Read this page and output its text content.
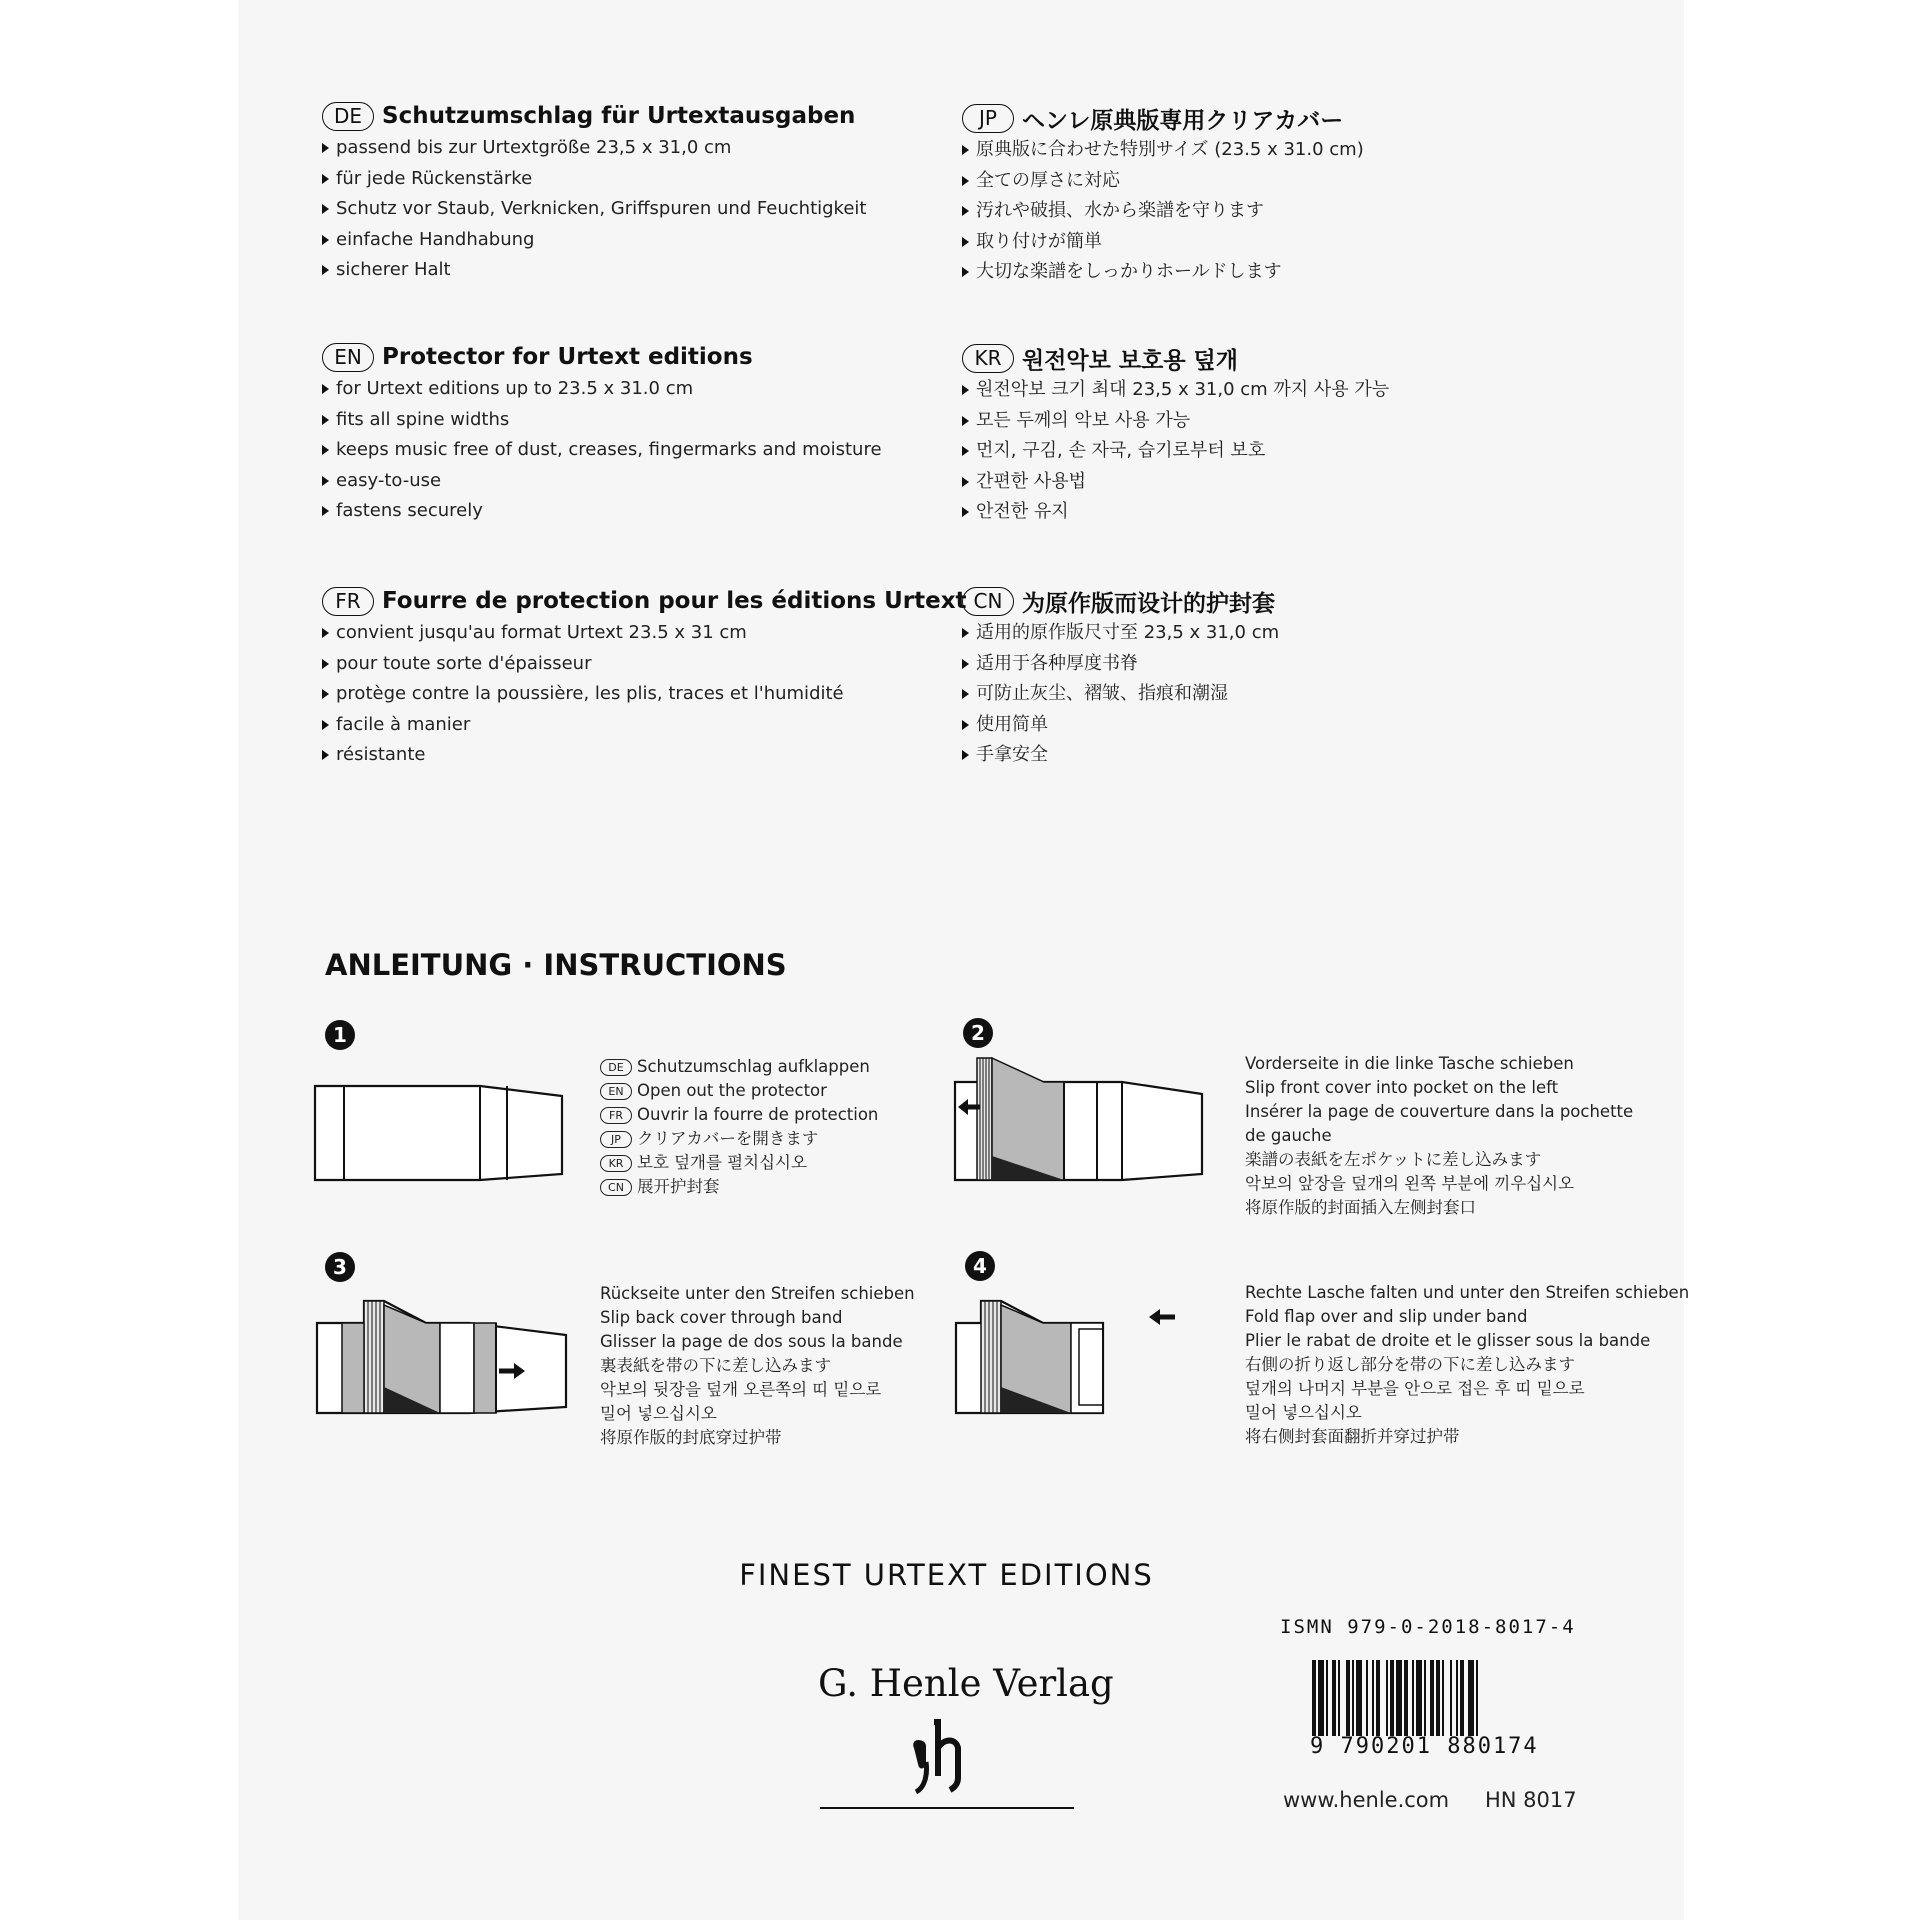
DE Schutzumschlag für Urtextausgaben
passend bis zur Urtextgröße 23,5 x 31,0 cm
für jede Rückenstärke
Schutz vor Staub, Verknicken, Griffspuren und Feuchtigkeit
einfache Handhabung
sicherer Halt
EN Protector for Urtext editions
for Urtext editions up to 23.5 x 31.0 cm
fits all spine widths
keeps music free of dust, creases, fingermarks and moisture
easy-to-use
fastens securely
FR Fourre de protection pour les éditions Urtext
convient jusqu'au format Urtext 23.5 x 31 cm
pour toute sorte d'épaisseur
protège contre la poussière, les plis, traces et l'humidité
facile à manier
résistante
JP	ヘンレ原典版専用クリアカバー
原典版に合わせた特別サイズ (23.5 x 31.0 cm)
全ての厚さに対応
汚れや破損、水から楽譜を守ります
取り付けが簡単
大切な楽譜をしっかりホールドします
KR 원전악보 보호용 덮개
원전악보 크기 최대 23,5 x 31,0 cm 까지 사용 가능
모든 두께의 악보 사용 가능
먼지, 구김, 손 자국, 습기로부터 보호
간편한 사용법
안전한 유지
CN 为原作版而设计的护封套
适用的原作版尺寸至 23,5 x 31,0 cm
适用于各种厚度书脊
可防止灰尘、褶皱、指痕和潮湿
使用简单
手拿安全
ANLEITUNG · INSTRUCTIONS
1
DE Schutzumschlag aufklappen
EN Open out the protector
FR Ouvrir la fourre de protection
JP クリアカバーを開きます
KR 보호 덮개를 펼치십시오
CN 展开护封套
2
Vorderseite in die linke Tasche schieben
Slip front cover into pocket on the left
Insérer la page de couverture dans la pochette
de gauche
楽譜の表紙を左ポケットに差し込みます
악보의 앞장을 덮개의 왼쪽 부분에 끼우십시오
将原作版的封面插入左侧封套口
3
Rückseite unter den Streifen schieben
Slip back cover through band
Glisser la page de dos sous la bande
裏表紙を帯の下に差し込みます
악보의 뒷장을 덮개 오른쪽의 띠 밑으로
밀어 넣으십시오
将原作版的封底穿过护带
4
Rechte Lasche falten und unter den Streifen schieben
Fold flap over and slip under band
Plier le rabat de droite et le glisser sous la bande
右側の折り返し部分を帯の下に差し込みます
덮개의 나머지 부분을 안으로 접은 후 띠 밑으로
밀어 넣으십시오
将右侧封套面翻折并穿过护带
FINEST URTEXT EDITIONS
G. Henle Verlag
ISMN 979-0-2018-8017-4
9 790201 880174
www.henle.com HN 8017
